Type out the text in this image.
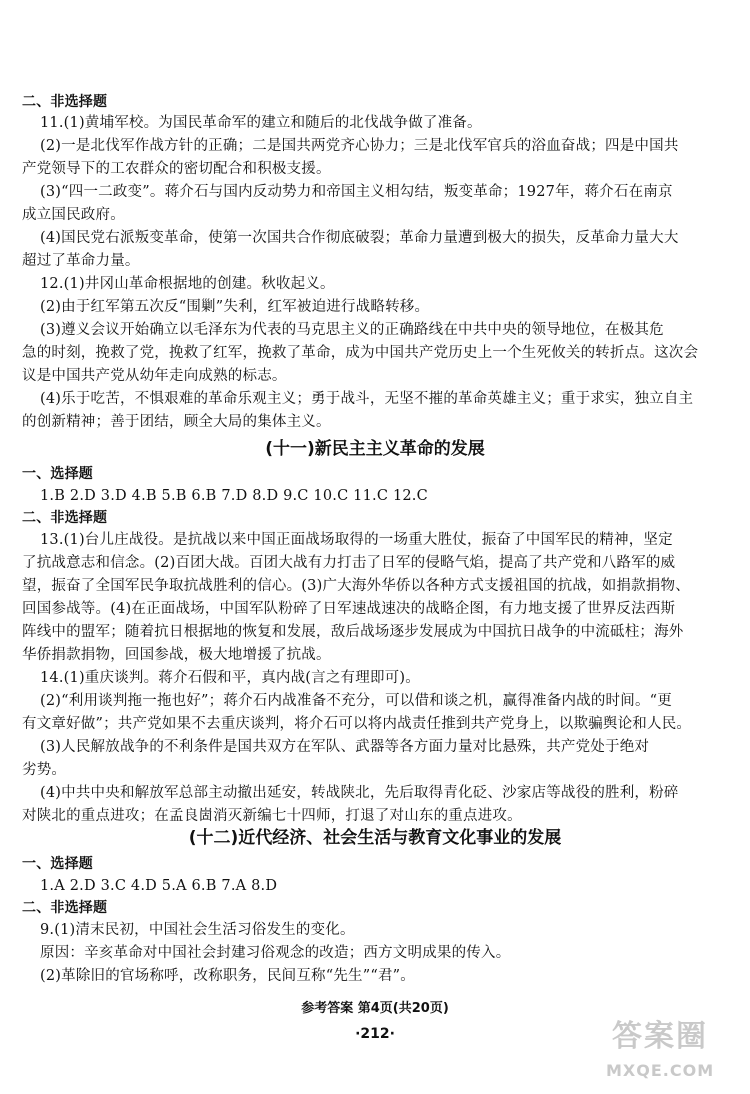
二、非选择题
11.(1)黄埔军校。为国民革命军的建立和随后的北伐战争做了准备。
(2)一是北伐军作战方针的正确；二是国共两党齐心协力；三是北伐军官兵的浴血奋战；四是中国共
产党领导下的工农群众的密切配合和积极支援。
(3)“四一二政变”。蒋介石与国内反动势力和帝国主义相勾结，叛变革命；1927年，蒋介石在南京
成立国民政府。
(4)国民党右派叛变革命，使第一次国共合作彻底破裂；革命力量遭到极大的损失，反革命力量大大
超过了革命力量。
12.(1)井冈山革命根据地的创建。秋收起义。
(2)由于红军第五次反“围剿”失利，红军被迫进行战略转移。
(3)遵义会议开始确立以毛泽东为代表的马克思主义的正确路线在中共中央的领导地位，在极其危
急的时刻，挽救了党，挽救了红军，挽救了革命，成为中国共产党历史上一个生死攸关的转折点。这次会
议是中国共产党从幼年走向成熟的标志。
(4)乐于吃苦，不惧艰难的革命乐观主义；勇于战斗，无坚不摧的革命英雄主义；重于求实，独立自主
的创新精神；善于团结，顾全大局的集体主义。
(十一)新民主主义革命的发展
一、选择题
1.B 2.D 3.D 4.B 5.B 6.B 7.D 8.D 9.C 10.C 11.C 12.C
二、非选择题
13.(1)台儿庄战役。是抗战以来中国正面战场取得的一场重大胜仗，振奋了中国军民的精神，坚定
了抗战意志和信念。(2)百团大战。百团大战有力打击了日军的侵略气焰，提高了共产党和八路军的威
望，振奋了全国军民争取抗战胜利的信心。(3)广大海外华侨以各种方式支援祖国的抗战，如捐款捐物、
回国参战等。(4)在正面战场，中国军队粉碎了日军速战速决的战略企图，有力地支援了世界反法西斯
阵线中的盟军；随着抗日根据地的恢复和发展，敌后战场逐步发展成为中国抗日战争的中流砥柱；海外
华侨捐款捐物，回国参战，极大地增援了抗战。
14.(1)重庆谈判。蒋介石假和平，真内战(言之有理即可)。
(2)“利用谈判拖一拖也好”；蒋介石内战准备不充分，可以借和谈之机，赢得准备内战的时间。“更
有文章好做”；共产党如果不去重庆谈判，将介石可以将内战责任推到共产党身上，以欺骗舆论和人民。
(3)人民解放战争的不利条件是国共双方在军队、武器等各方面力量对比悬殊，共产党处于绝对
劣势。
(4)中共中央和解放军总部主动撤出延安，转战陕北，先后取得青化砭、沙家店等战役的胜利，粉碎
对陕北的重点进攻；在孟良崮消灭新编七十四师，打退了对山东的重点进攻。
(十二)近代经济、社会生活与教育文化事业的发展
一、选择题
1.A 2.D 3.C 4.D 5.A 6.B 7.A 8.D
二、非选择题
9.(1)清末民初，中国社会生活习俗发生的变化。
原因：辛亥革命对中国社会封建习俗观念的改造；西方文明成果的传入。
(2)革除旧的官场称呼，改称职务，民间互称“先生”“君”。
参考答案 第4页(共20页)
·212·	答案圈
MXQE.COM
